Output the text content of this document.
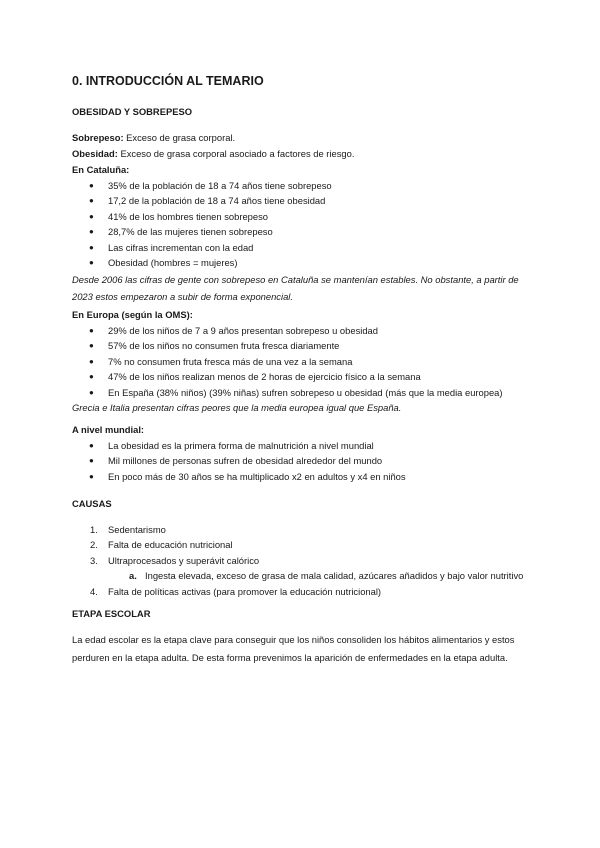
0. INTRODUCCIÓN AL TEMARIO
OBESIDAD Y SOBREPESO
Sobrepeso: Exceso de grasa corporal.
Obesidad: Exceso de grasa corporal asociado a factores de riesgo.
En Cataluña:
● 35% de la población de 18 a 74 años tiene sobrepeso
● 17,2 de la población de 18 a 74 años tiene obesidad
● 41% de los hombres tienen sobrepeso
● 28,7% de las mujeres tienen sobrepeso
● Las cifras incrementan con la edad
● Obesidad (hombres = mujeres)
Desde 2006 las cifras de gente con sobrepeso en Cataluña se mantenían estables. No obstante, a partir de 2023 estos empezaron a subir de forma exponencial.
En Europa (según la OMS):
● 29% de los niños de 7 a 9 años presentan sobrepeso u obesidad
● 57% de los niños no consumen fruta fresca diariamente
● 7% no consumen fruta fresca más de una vez a la semana
● 47% de los niños realizan menos de 2 horas de ejercicio físico a la semana
● En España (38% niños) (39% niñas) sufren sobrepeso u obesidad (más que la media europea)
Grecia e Italia presentan cifras peores que la media europea igual que España.
A nivel mundial:
● La obesidad es la primera forma de malnutrición a nivel mundial
● Mil millones de personas sufren de obesidad alrededor del mundo
● En poco más de 30 años se ha multiplicado x2 en adultos y x4 en niños
CAUSAS
1. Sedentarismo
2. Falta de educación nutricional
3. Ultraprocesados y superávit calórico
a. Ingesta elevada, exceso de grasa de mala calidad, azúcares añadidos y bajo valor nutritivo
4. Falta de políticas activas (para promover la educación nutricional)
ETAPA ESCOLAR
La edad escolar es la etapa clave para conseguir que los niños consoliden los hábitos alimentarios y estos perduren en la etapa adulta. De esta forma prevenimos la aparición de enfermedades en la etapa adulta.
